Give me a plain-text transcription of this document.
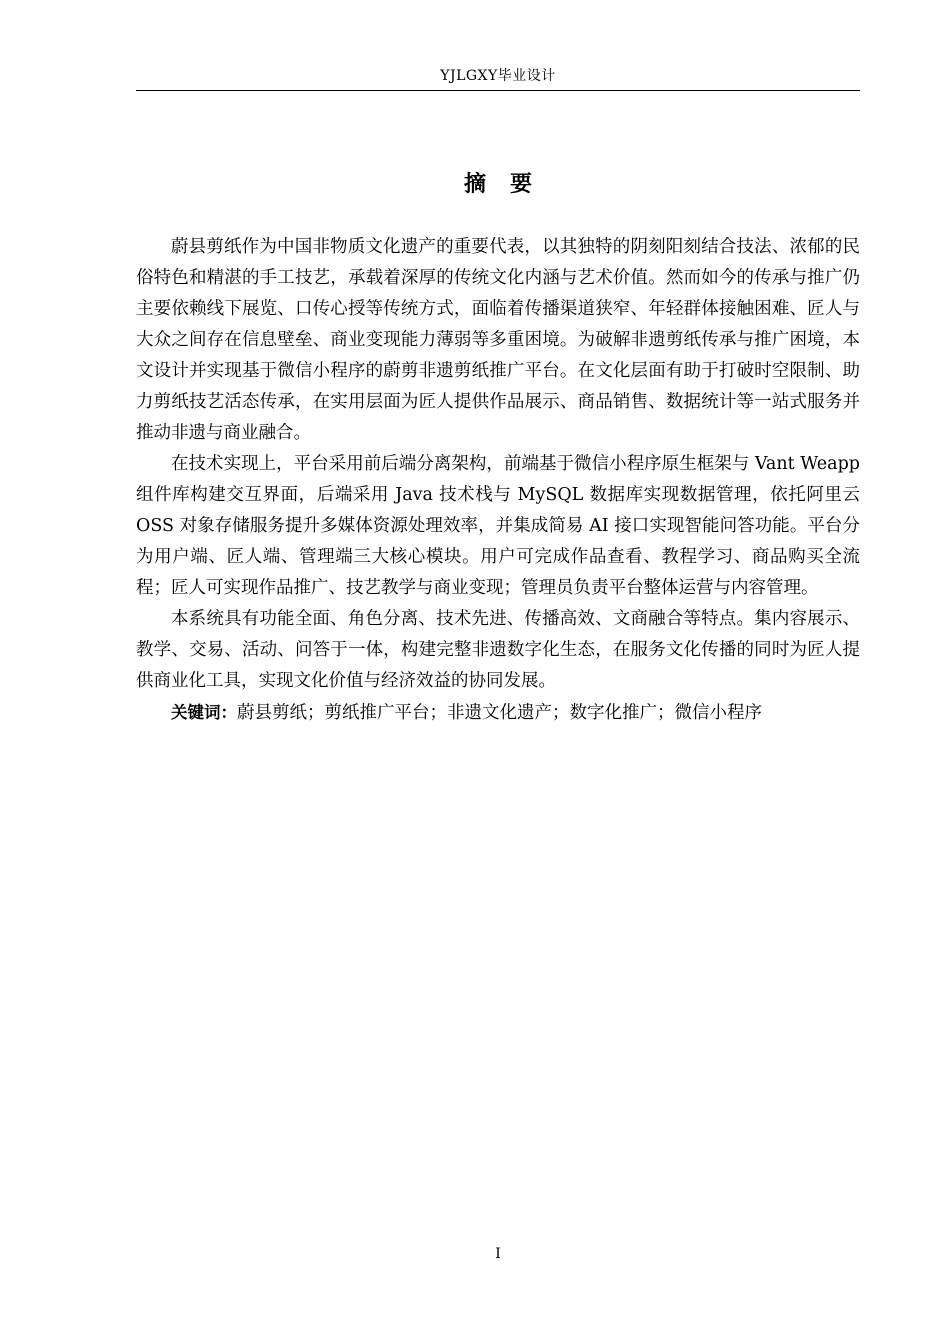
YJLGXY毕业设计
摘 要

蔚县剪纸作为中国非物质文化遗产的重要代表，以其独特的阴刻阳刻结合技法、浓郁的民俗特色和精湛的手工技艺，承载着深厚的传统文化内涵与艺术价值。然而如今的传承与推广仍主要依赖线下展览、口传心授等传统方式，面临着传播渠道狭窄、年轻群体接触困难、匠人与大众之间存在信息壁垒、商业变现能力薄弱等多重困境。为破解非遗剪纸传承与推广困境，本文设计并实现基于微信小程序的蔚剪非遗剪纸推广平台。在文化层面有助于打破时空限制、助力剪纸技艺活态传承，在实用层面为匠人提供作品展示、商品销售、数据统计等一站式服务并推动非遗与商业融合。

在技术实现上，平台采用前后端分离架构，前端基于微信小程序原生框架与 Vant Weapp 组件库构建交互界面，后端采用 Java 技术栈与 MySQL 数据库实现数据管理，依托阿里云 OSS 对象存储服务提升多媒体资源处理效率，并集成简易 AI 接口实现智能问答功能。平台分为用户端、匠人端、管理端三大核心模块。用户可完成作品查看、教程学习、商品购买全流程；匠人可实现作品推广、技艺教学与商业变现；管理员负责平台整体运营与内容管理。

本系统具有功能全面、角色分离、技术先进、传播高效、文商融合等特点。集内容展示、教学、交易、活动、问答于一体，构建完整非遗数字化生态，在服务文化传播的同时为匠人提供商业化工具，实现文化价值与经济效益的协同发展。

关键词：蔚县剪纸；剪纸推广平台；非遗文化遗产；数字化推广；微信小程序

I
